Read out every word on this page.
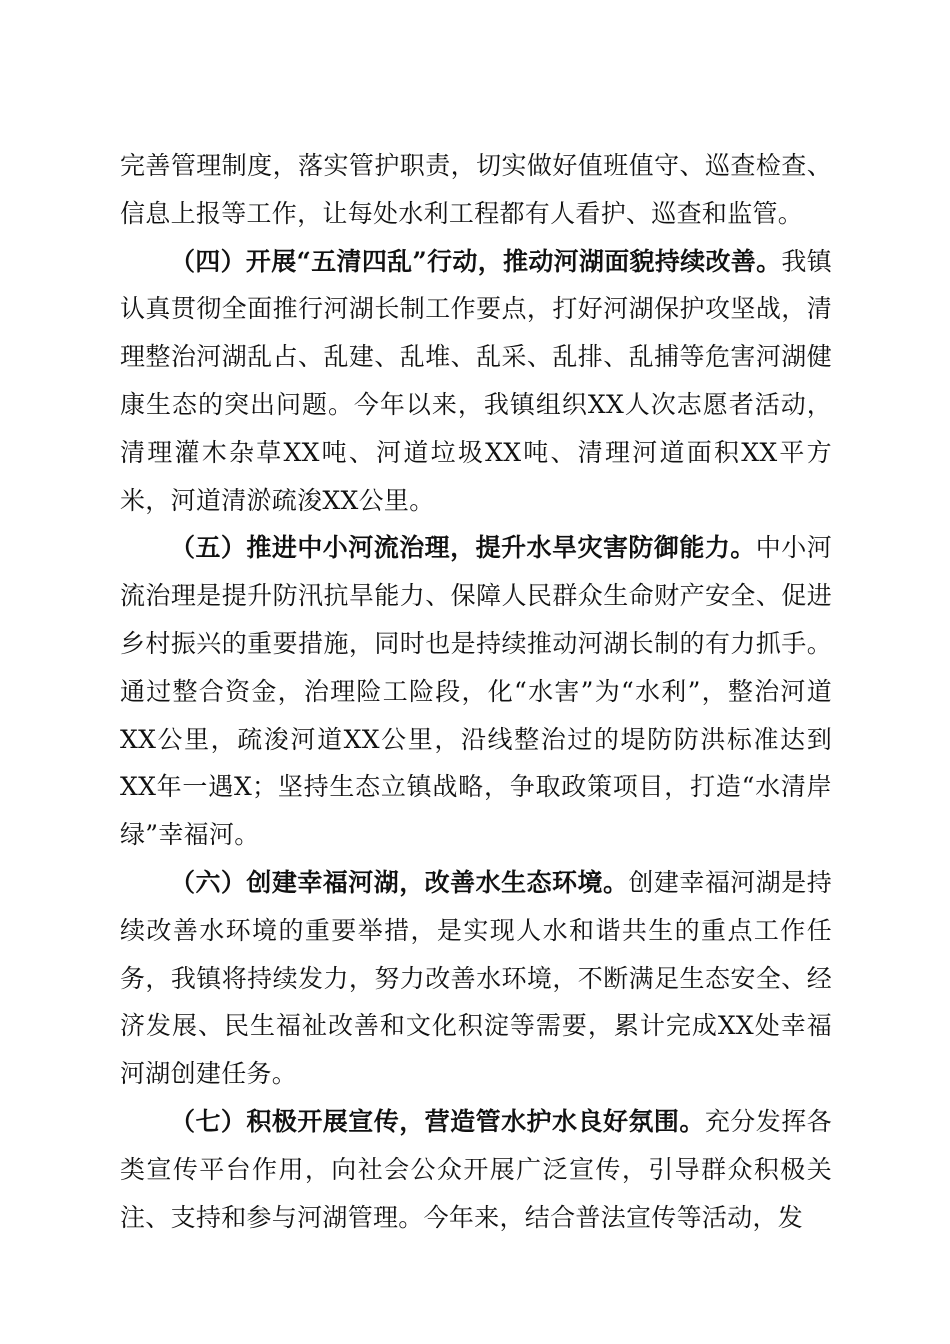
完善管理制度，落实管护职责，切实做好值班值守、巡查检查、信息上报等工作，让每处水利工程都有人看护、巡查和监管。

（四）开展“五清四乱”行动，推动河湖面貌持续改善。我镇认真贯彻全面推行河湖长制工作要点，打好河湖保护攻坚战，清理整治河湖乱占、乱建、乱堆、乱采、乱排、乱捕等危害河湖健康生态的突出问题。今年以来，我镇组织XX人次志愿者活动，清理灌木杂草XX吨、河道垃圾XX吨、清理河道面积XX平方米，河道清淤疏浚XX公里。

（五）推进中小河流治理，提升水旱灾害防御能力。中小河流治理是提升防汛抗旱能力、保障人民群众生命财产安全、促进乡村振兴的重要措施，同时也是持续推动河湖长制的有力抓手。通过整合资金，治理险工险段，化“水害”为“水利”，整治河道XX公里，疏浚河道XX公里，沿线整治过的堤防防洪标准达到XX年一遇X；坚持生态立镇战略，争取政策项目，打造“水清岸绿”幸福河。

（六）创建幸福河湖，改善水生态环境。创建幸福河湖是持续改善水环境的重要举措，是实现人水和谐共生的重点工作任务，我镇将持续发力，努力改善水环境，不断满足生态安全、经济发展、民生福祉改善和文化积淀等需要，累计完成XX处幸福河湖创建任务。

（七）积极开展宣传，营造管水护水良好氛围。充分发挥各类宣传平台作用，向社会公众开展广泛宣传，引导群众积极关注、支持和参与河湖管理。今年来，结合普法宣传等活动，发
